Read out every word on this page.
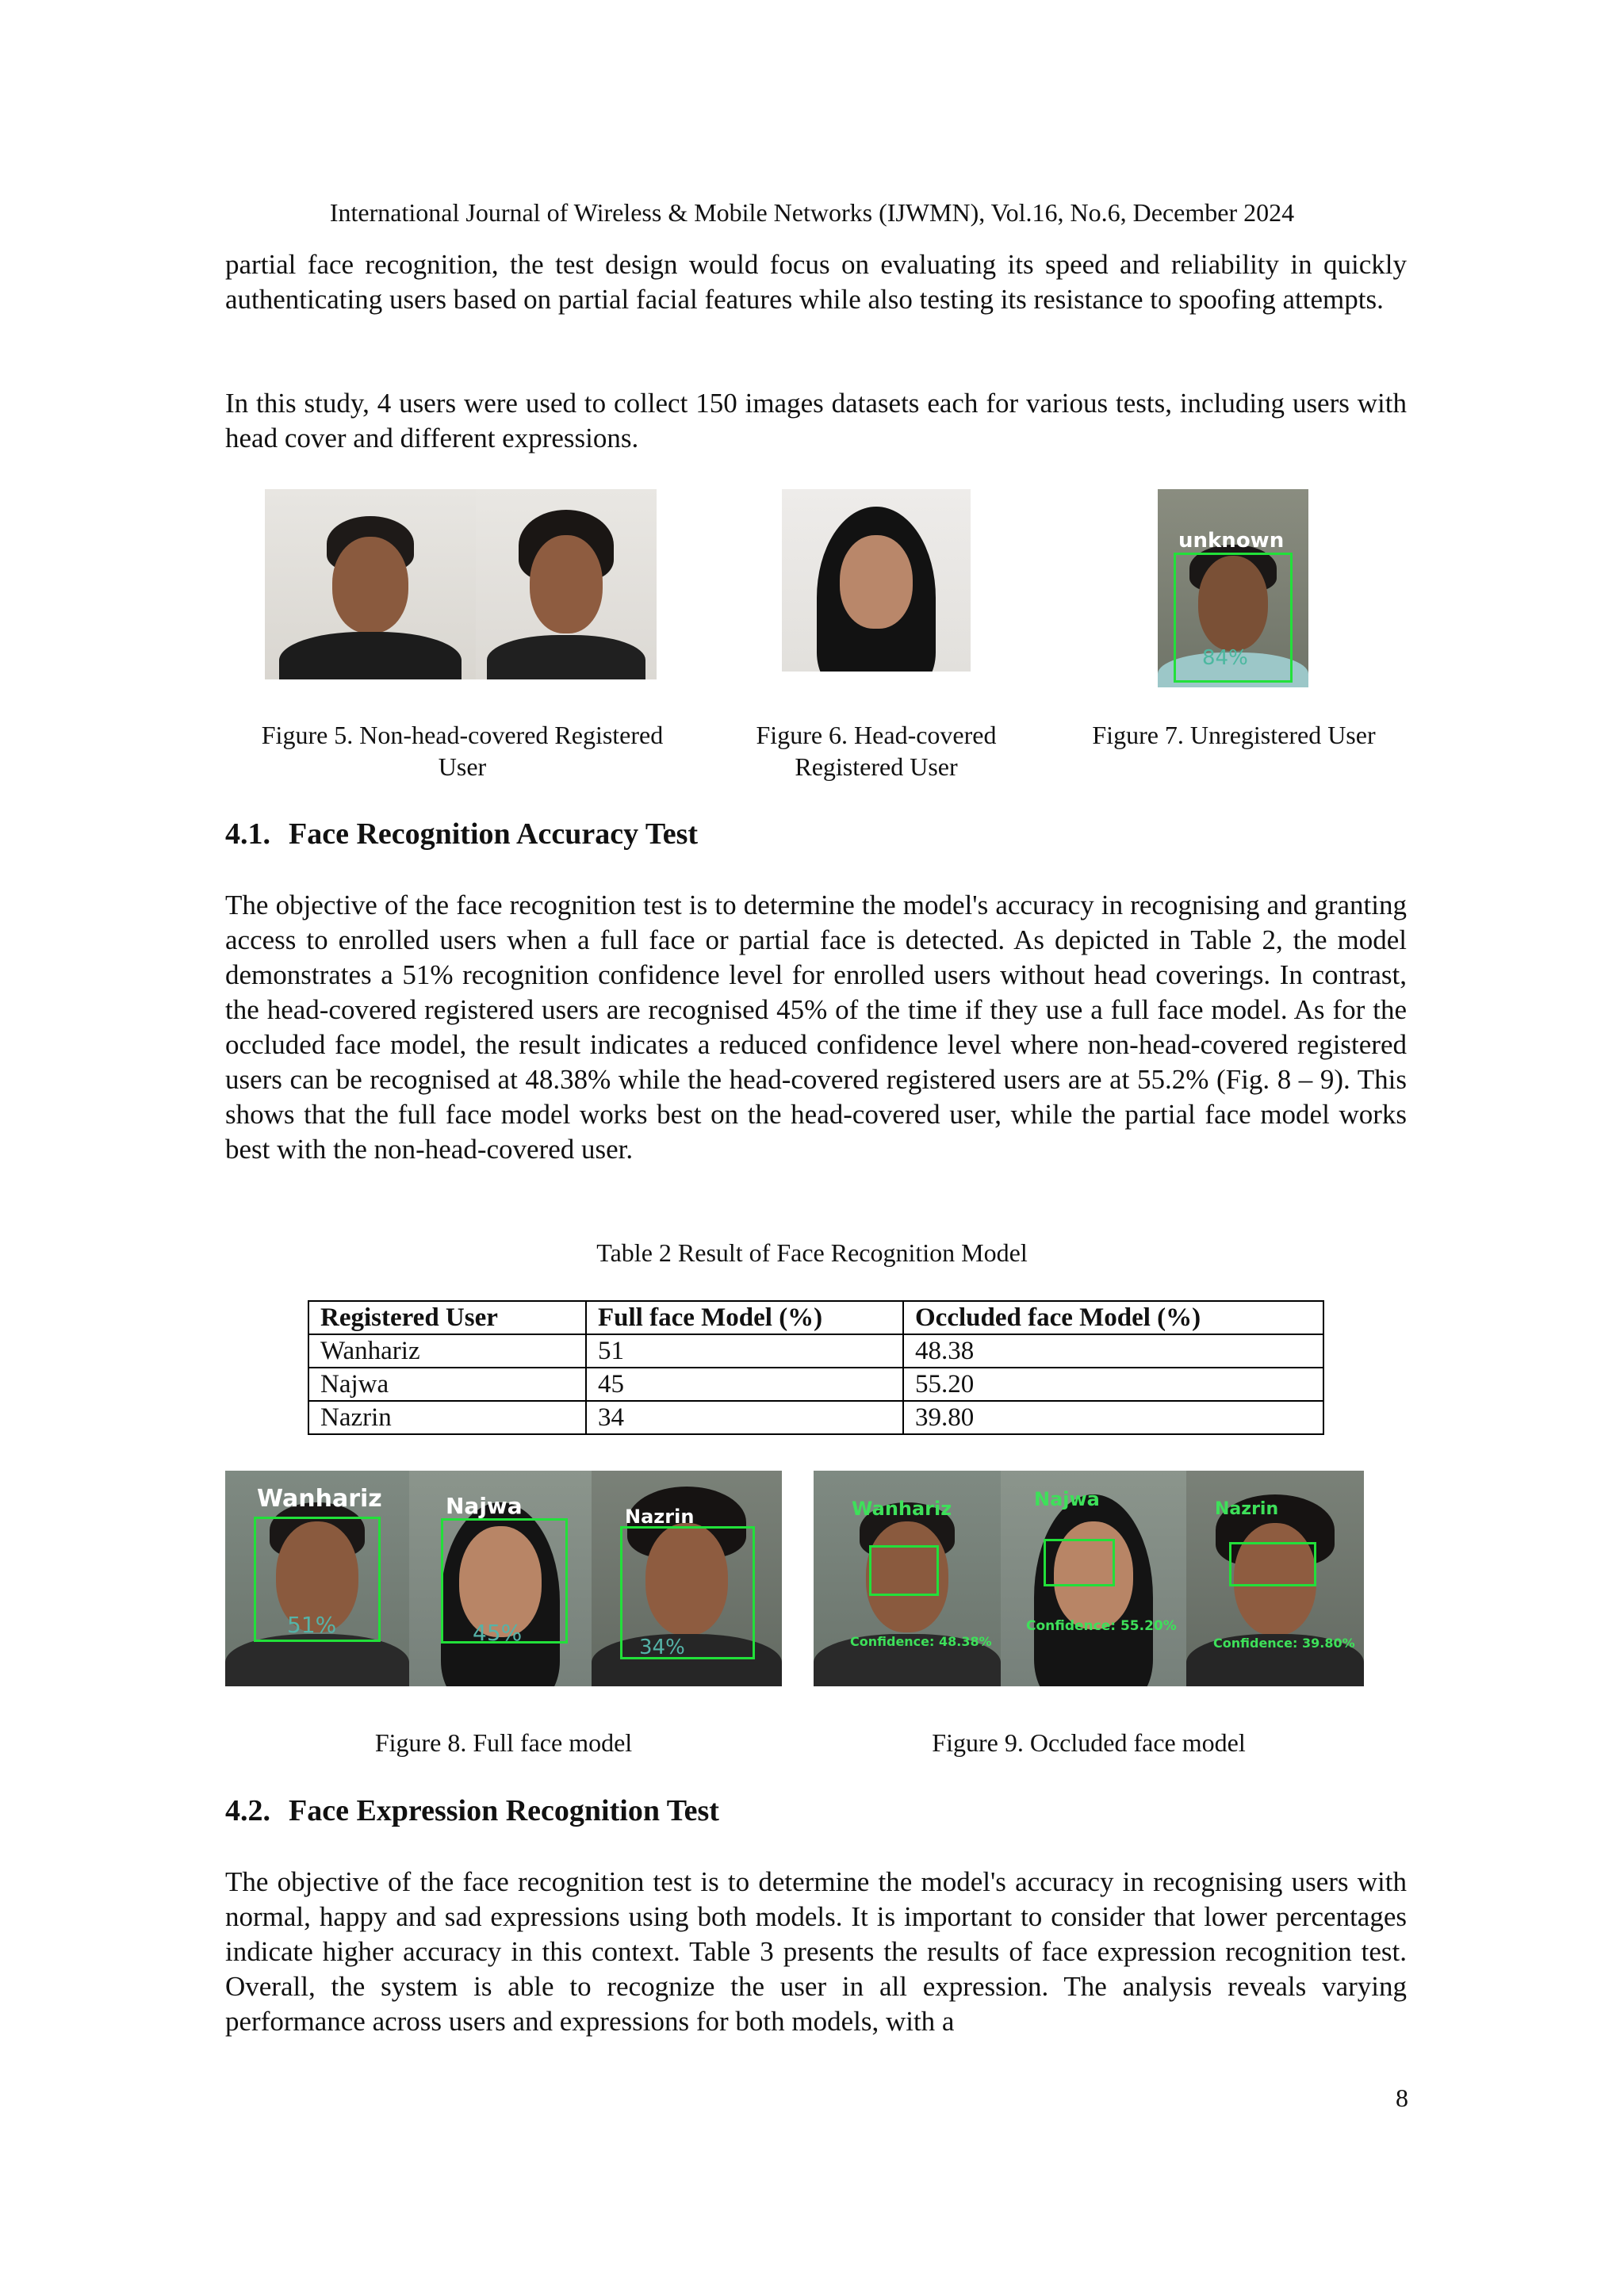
International Journal of Wireless & Mobile Networks (IJWMN), Vol.16, No.6, December 2024

partial face recognition, the test design would focus on evaluating its speed and reliability in quickly authenticating users based on partial facial features while also testing its resistance to spoofing attempts.

In this study, 4 users were used to collect 150 images datasets each for various tests, including users with head cover and different expressions.

unknown
84%
Figure 5. Non-head-covered Registered User
Figure 6. Head-covered Registered User
Figure 7. Unregistered User
4.1. Face Recognition Accuracy Test

The objective of the face recognition test is to determine the model's accuracy in recognising and granting access to enrolled users when a full face or partial face is detected. As depicted in Table 2, the model demonstrates a 51% recognition confidence level for enrolled users without head coverings. In contrast, the head-covered registered users are recognised 45% of the time if they use a full face model. As for the occluded face model, the result indicates a reduced confidence level where non-head-covered registered users can be recognised at 48.38% while the head-covered registered users are at 55.2% (Fig. 8 – 9). This shows that the full face model works best on the head-covered user, while the partial face model works best with the non-head-covered user.

Table 2 Result of Face Recognition Model
Registered User	Full face Model (%)	Occluded face Model (%)
Wanhariz	51	48.38
Najwa	45	55.20
Nazrin	34	39.80
Wanhariz
51%
Najwa
45%
Nazrin
34%
Wanhariz
Confidence: 48.38%
Najwa
Confidence: 55.20%
Nazrin
Confidence: 39.80%
Figure 8. Full face model	Figure 9. Occluded face model
4.2. Face Expression Recognition Test

The objective of the face recognition test is to determine the model's accuracy in recognising users with normal, happy and sad expressions using both models. It is important to consider that lower percentages indicate higher accuracy in this context. Table 3 presents the results of face expression recognition test. Overall, the system is able to recognize the user in all expression. The analysis reveals varying performance across users and expressions for both models, with a

8
